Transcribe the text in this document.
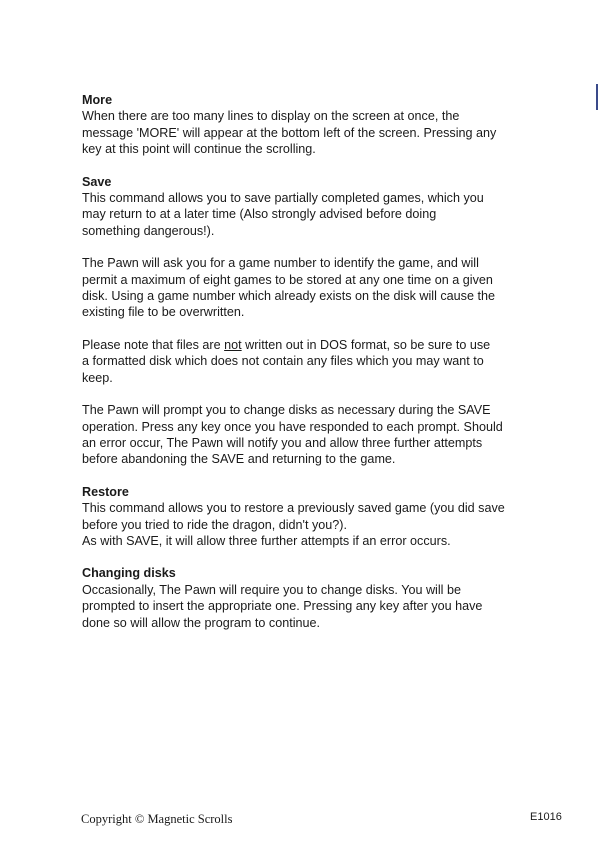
More

When there are too many lines to display on the screen at once, the
message 'MORE' will appear at the bottom left of the screen. Pressing any
key at this point will continue the scrolling.

Save

This command allows you to save partially completed games, which you
may return to at a later time (Also strongly advised before doing
something dangerous!).

The Pawn will ask you for a game number to identify the game, and will
permit a maximum of eight games to be stored at any one time on a given
disk. Using a game number which already exists on the disk will cause the
existing file to be overwritten.

Please note that files are not written out in DOS format, so be sure to use
a formatted disk which does not contain any files which you may want to
keep.

The Pawn will prompt you to change disks as necessary during the SAVE
operation. Press any key once you have responded to each prompt. Should
an error occur, The Pawn will notify you and allow three further attempts
before abandoning the SAVE and returning to the game.

Restore

This command allows you to restore a previously saved game (you did save
before you tried to ride the dragon, didn't you?).
As with SAVE, it will allow three further attempts if an error occurs.

Changing disks

Occasionally, The Pawn will require you to change disks. You will be
prompted to insert the appropriate one. Pressing any key after you have
done so will allow the program to continue.

Copyright © Magnetic Scrolls	E1016
